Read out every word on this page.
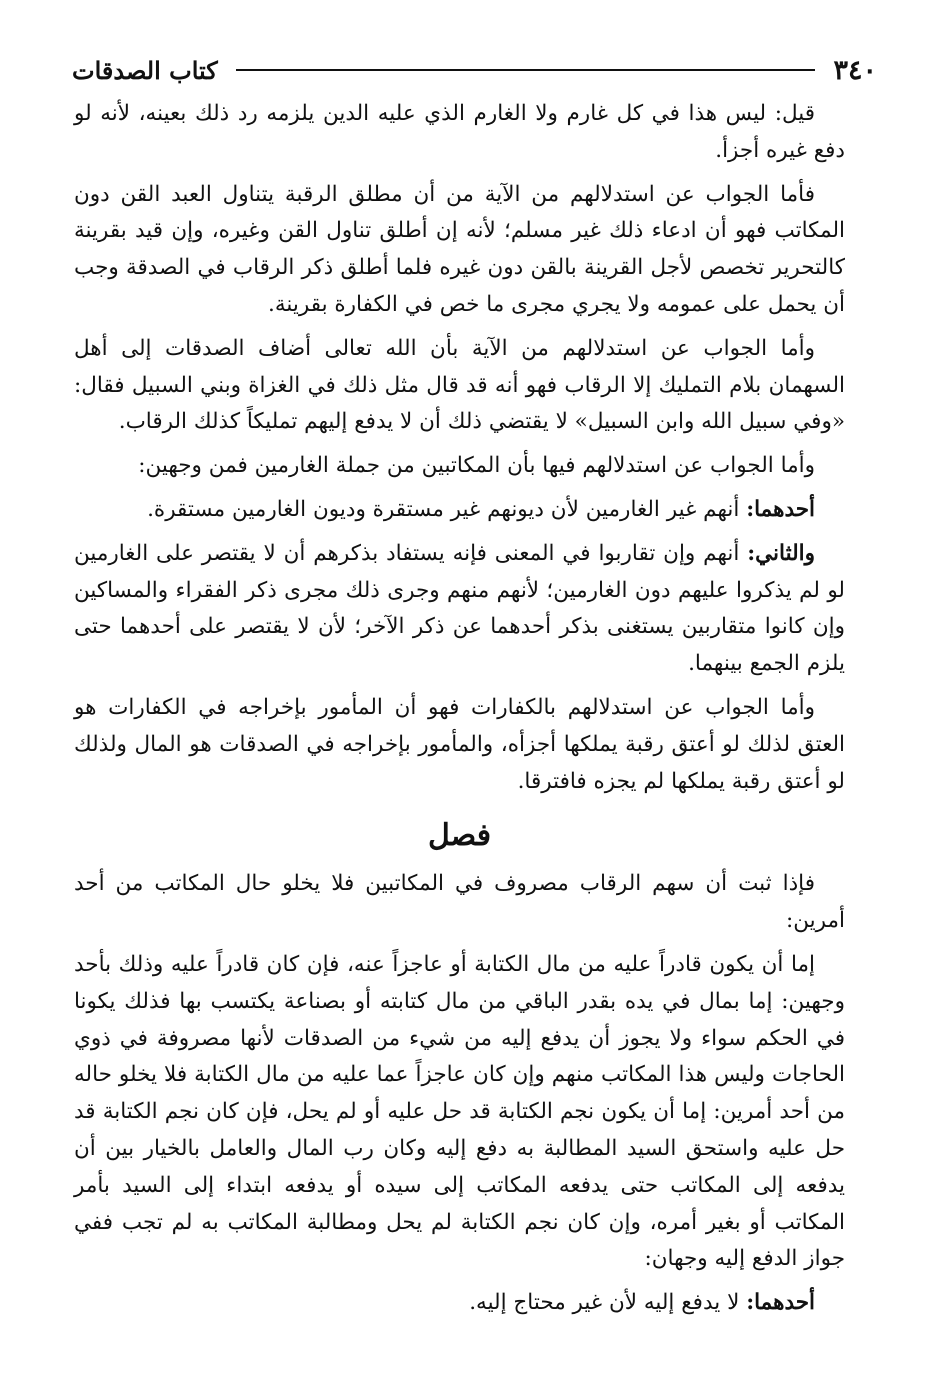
٣٤٠
كتاب الصدقات

قيل: ليس هذا في كل غارم ولا الغارم الذي عليه الدين يلزمه رد ذلك بعينه، لأنه لو دفع غيره أجزأ.

فأما الجواب عن استدلالهم من الآية من أن مطلق الرقبة يتناول العبد القن دون المكاتب فهو أن ادعاء ذلك غير مسلم؛ لأنه إن أطلق تناول القن وغيره، وإن قيد بقرينة كالتحرير تخصص لأجل القرينة بالقن دون غيره فلما أطلق ذكر الرقاب في الصدقة وجب أن يحمل على عمومه ولا يجري مجرى ما خص في الكفارة بقرينة.

وأما الجواب عن استدلالهم من الآية بأن الله تعالى أضاف الصدقات إلى أهل السهمان بلام التمليك إلا الرقاب فهو أنه قد قال مثل ذلك في الغزاة وبني السبيل فقال: «وفي سبيل الله وابن السبيل» لا يقتضي ذلك أن لا يدفع إليهم تمليكاً كذلك الرقاب.

وأما الجواب عن استدلالهم فيها بأن المكاتبين من جملة الغارمين فمن وجهين:

أحدهما: أنهم غير الغارمين لأن ديونهم غير مستقرة وديون الغارمين مستقرة.

والثاني: أنهم وإن تقاربوا في المعنى فإنه يستفاد بذكرهم أن لا يقتصر على الغارمين لو لم يذكروا عليهم دون الغارمين؛ لأنهم منهم وجرى ذلك مجرى ذكر الفقراء والمساكين وإن كانوا متقاربين يستغنى بذكر أحدهما عن ذكر الآخر؛ لأن لا يقتصر على أحدهما حتى يلزم الجمع بينهما.

وأما الجواب عن استدلالهم بالكفارات فهو أن المأمور بإخراجه في الكفارات هو العتق لذلك لو أعتق رقبة يملكها أجزأه، والمأمور بإخراجه في الصدقات هو المال ولذلك لو أعتق رقبة يملكها لم يجزه فافترقا.

فصل

فإذا ثبت أن سهم الرقاب مصروف في المكاتبين فلا يخلو حال المكاتب من أحد أمرين:

إما أن يكون قادراً عليه من مال الكتابة أو عاجزاً عنه، فإن كان قادراً عليه وذلك بأحد وجهين: إما بمال في يده بقدر الباقي من مال كتابته أو بصناعة يكتسب بها فذلك يكونا في الحكم سواء ولا يجوز أن يدفع إليه من شيء من الصدقات لأنها مصروفة في ذوي الحاجات وليس هذا المكاتب منهم وإن كان عاجزاً عما عليه من مال الكتابة فلا يخلو حاله من أحد أمرين: إما أن يكون نجم الكتابة قد حل عليه أو لم يحل، فإن كان نجم الكتابة قد حل عليه واستحق السيد المطالبة به دفع إليه وكان رب المال والعامل بالخيار بين أن يدفعه إلى المكاتب حتى يدفعه المكاتب إلى سيده أو يدفعه ابتداء إلى السيد بأمر المكاتب أو بغير أمره، وإن كان نجم الكتابة لم يحل ومطالبة المكاتب به لم تجب ففي جواز الدفع إليه وجهان:

أحدهما: لا يدفع إليه لأن غير محتاج إليه.
